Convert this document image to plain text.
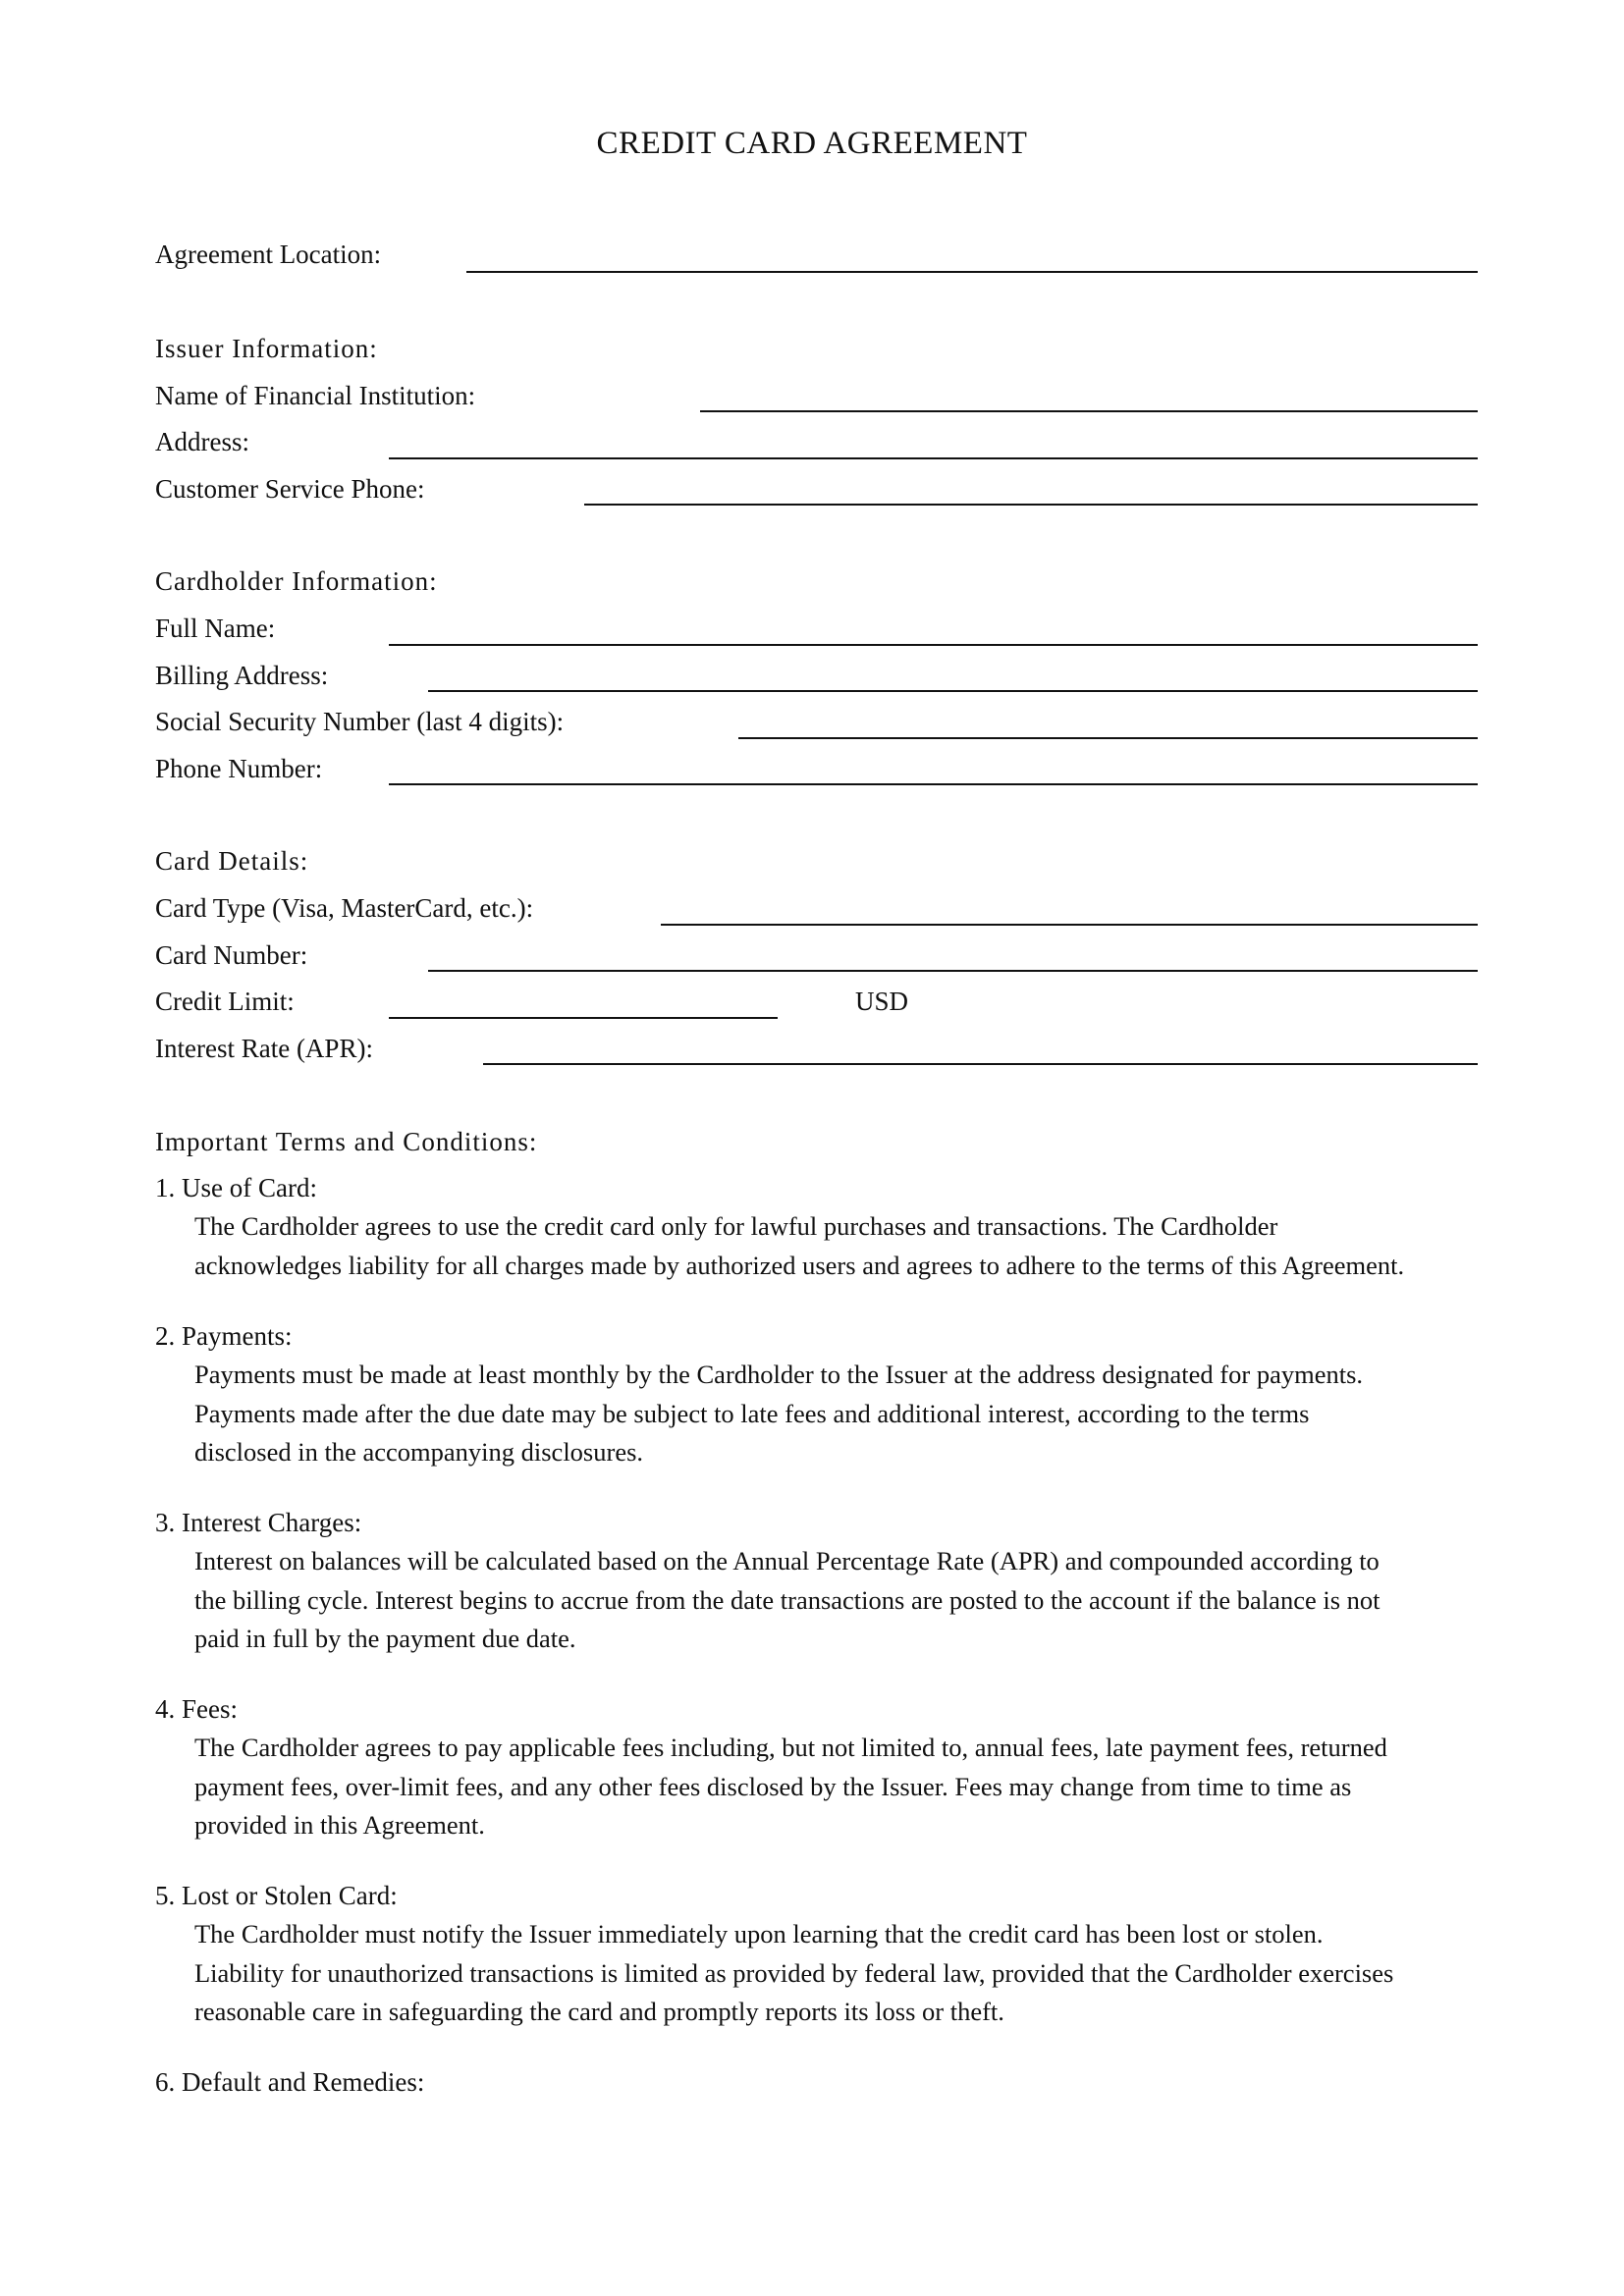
CREDIT CARD AGREEMENT
Agreement Location:
Issuer Information:
Name of Financial Institution:
Address:
Customer Service Phone:
Cardholder Information:
Full Name:
Billing Address:
Social Security Number (last 4 digits):
Phone Number:
Card Details:
Card Type (Visa, MasterCard, etc.):
Card Number:
Credit Limit:	USD
Interest Rate (APR):
Important Terms and Conditions:
1. Use of Card:
The Cardholder agrees to use the credit card only for lawful purchases and transactions. The Cardholder
acknowledges liability for all charges made by authorized users and agrees to adhere to the terms of this Agreement.
2. Payments:
Payments must be made at least monthly by the Cardholder to the Issuer at the address designated for payments.
Payments made after the due date may be subject to late fees and additional interest, according to the terms
disclosed in the accompanying disclosures.
3. Interest Charges:
Interest on balances will be calculated based on the Annual Percentage Rate (APR) and compounded according to
the billing cycle. Interest begins to accrue from the date transactions are posted to the account if the balance is not
paid in full by the payment due date.
4. Fees:
The Cardholder agrees to pay applicable fees including, but not limited to, annual fees, late payment fees, returned
payment fees, over-limit fees, and any other fees disclosed by the Issuer. Fees may change from time to time as
provided in this Agreement.
5. Lost or Stolen Card:
The Cardholder must notify the Issuer immediately upon learning that the credit card has been lost or stolen.
Liability for unauthorized transactions is limited as provided by federal law, provided that the Cardholder exercises
reasonable care in safeguarding the card and promptly reports its loss or theft.
6. Default and Remedies:
